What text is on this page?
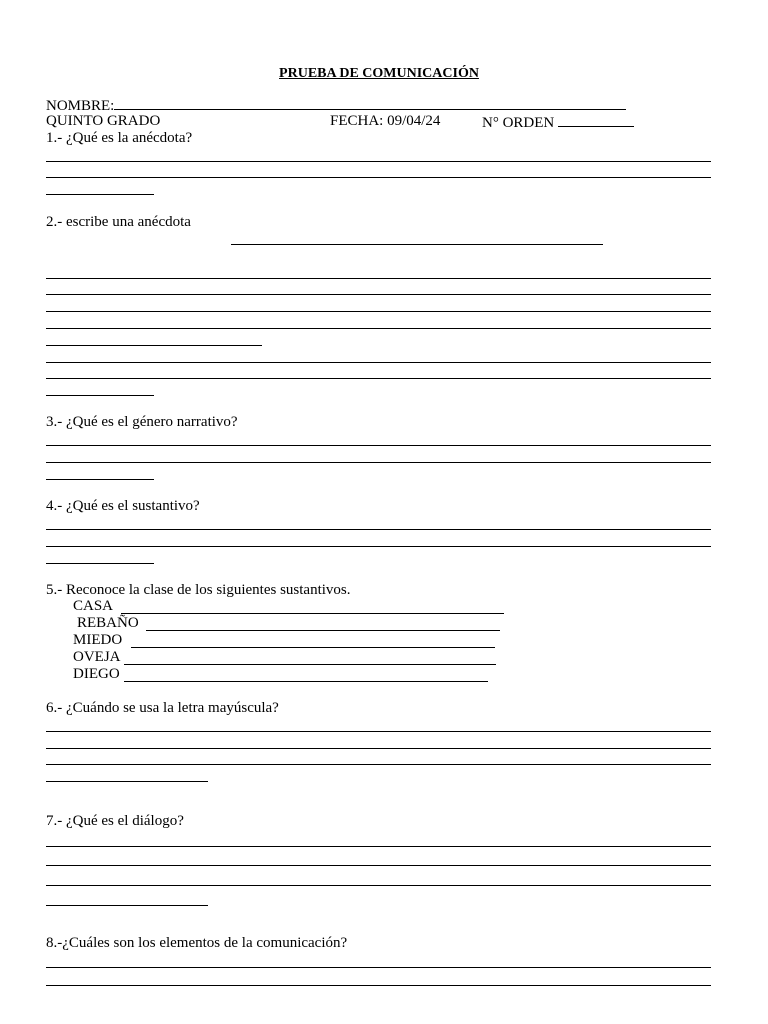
PRUEBA DE COMUNICACIÓN
NOMBRE:
QUINTO GRADO	FECHA: 09/04/24	N° ORDEN
1.- ¿Qué es la anécdota?
2.- escribe una anécdota
3.- ¿Qué es el género narrativo?
4.- ¿Qué es el sustantivo?
5.- Reconoce la clase de los siguientes sustantivos.
CASA
REBAÑO
MIEDO
OVEJA
DIEGO
6.- ¿Cuándo se usa la letra mayúscula?
7.- ¿Qué es el diálogo?
8.-¿Cuáles son los elementos de la comunicación?
